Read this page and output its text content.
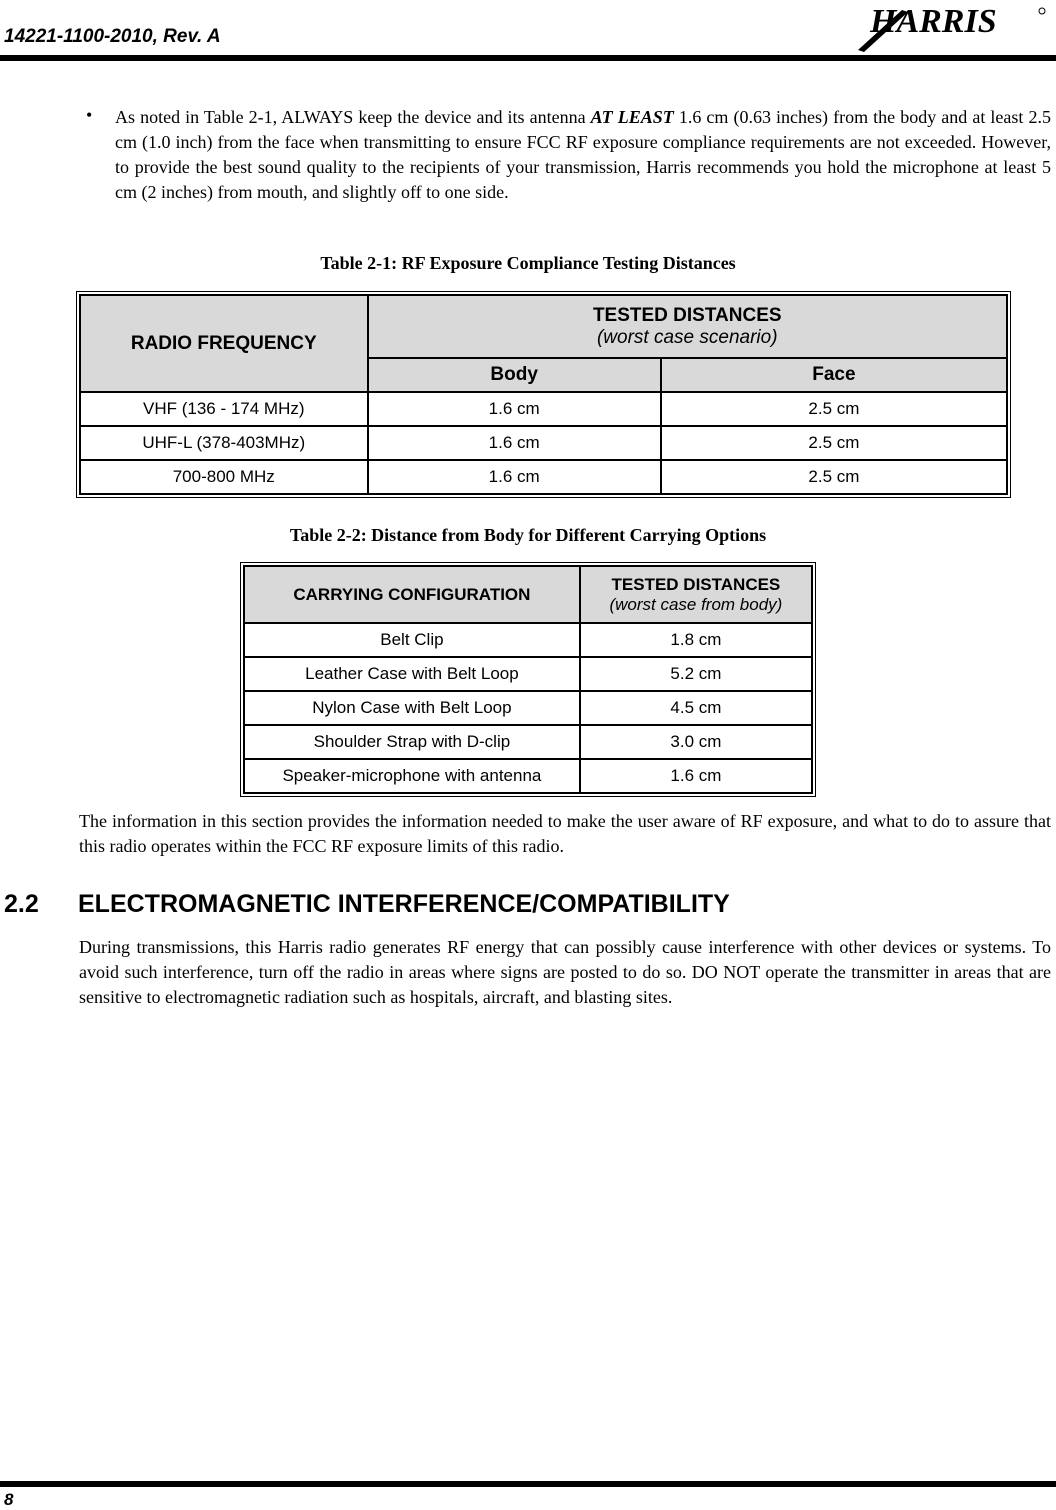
14221-1100-2010, Rev. A	HARRIS
• As noted in Table 2-1, ALWAYS keep the device and its antenna AT LEAST 1.6 cm (0.63 inches) from the body and at least 2.5 cm (1.0 inch) from the face when transmitting to ensure FCC RF exposure compliance requirements are not exceeded. However, to provide the best sound quality to the recipients of your transmission, Harris recommends you hold the microphone at least 5 cm (2 inches) from mouth, and slightly off to one side.

Table 2-1: RF Exposure Compliance Testing Distances
RADIO FREQUENCY	TESTED DISTANCES
(worst case scenario)	

	Body	Face
VHF (136 - 174 MHz)	1.6 cm	2.5 cm
UHF-L (378-403MHz)	1.6 cm	2.5 cm
700-800 MHz	1.6 cm	2.5 cm
Table 2-2: Distance from Body for Different Carrying Options
CARRYING CONFIGURATION	TESTED DISTANCES
(worst case from body)

Belt Clip	1.8 cm
Leather Case with Belt Loop	5.2 cm
Nylon Case with Belt Loop	4.5 cm
Shoulder Strap with D-clip	3.0 cm
Speaker-microphone with antenna	1.6 cm

The information in this section provides the information needed to make the user aware of RF exposure, and what to do to assure that this radio operates within the FCC RF exposure limits of this radio.

2.2 ELECTROMAGNETIC INTERFERENCE/COMPATIBILITY

During transmissions, this Harris radio generates RF energy that can possibly cause interference with other devices or systems. To avoid such interference, turn off the radio in areas where signs are posted to do so. DO NOT operate the transmitter in areas that are sensitive to electromagnetic radiation such as hospitals, aircraft, and blasting sites.

8
